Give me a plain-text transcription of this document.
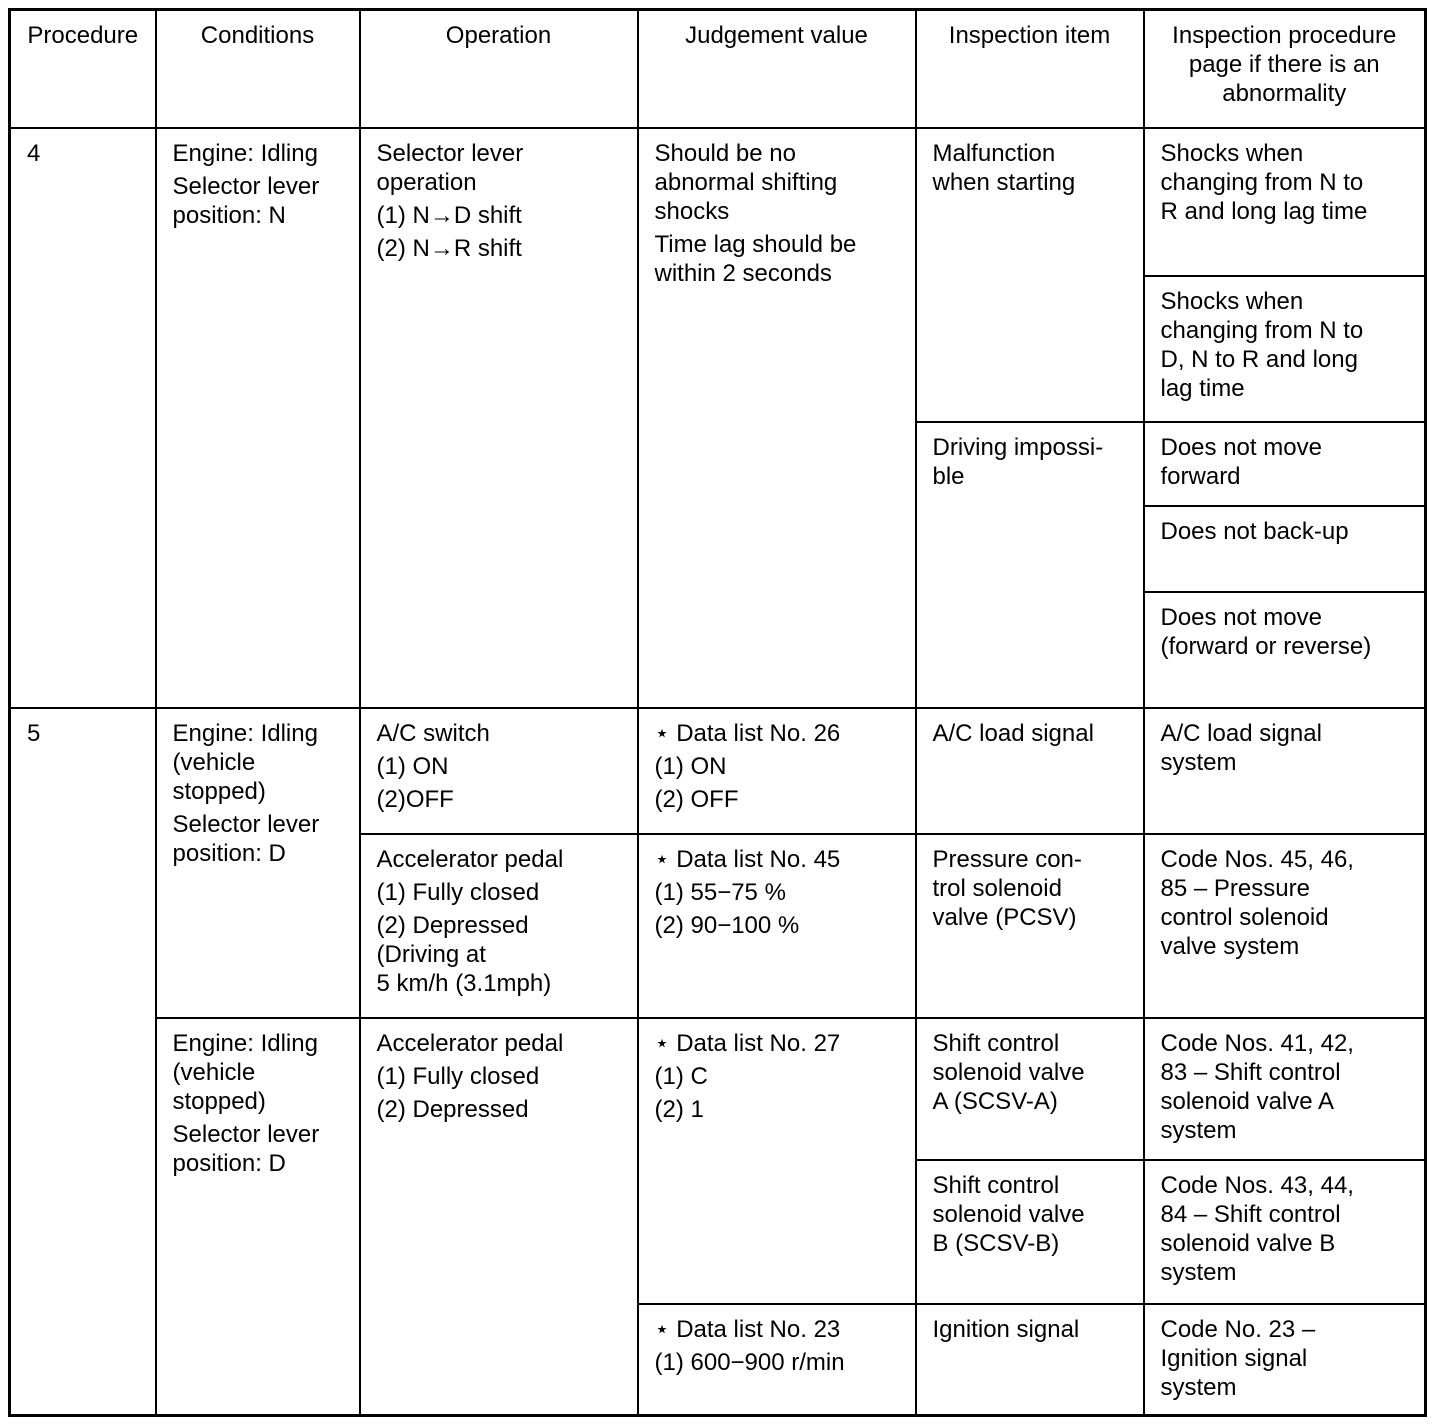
Procedure	Conditions	Operation	Judgement value	Inspection item	Inspection procedure
page if there is an
abnormality

4	Engine: Idling
Selector lever
position: N	Selector lever
operation
(1) N→D shift
(2) N→R shift	Should be no
abnormal shifting
shocks
Time lag should be
within 2 seconds	Malfunction
when starting	Shocks when
changing from N to
R and long lag time

					Shocks when
changing from N to
D, N to R and long
lag time

				Driving impossi-
ble	Does not move
forward

					Does not back-up

					Does not move
(forward or reverse)

5	Engine: Idling
(vehicle
stopped)
Selector lever
position: D	A/C switch
(1) ON
(2)OFF	⋆ Data list No. 26
(1) ON
(2) OFF	A/C load signal	A/C load signal
system

		Accelerator pedal
(1) Fully closed
(2) Depressed
(Driving at
5 km/h (3.1mph)	⋆ Data list No. 45
(1) 55−75 %
(2) 90−100 %	Pressure con-
trol solenoid
valve (PCSV)	Code Nos. 45, 46,
85 – Pressure
control solenoid
valve system

	Engine: Idling
(vehicle
stopped)
Selector lever
position: D	Accelerator pedal
(1) Fully closed
(2) Depressed	⋆ Data list No. 27
(1) C
(2) 1	Shift control
solenoid valve
A (SCSV-A)	Code Nos. 41, 42,
83 – Shift control
solenoid valve A
system

				Shift control
solenoid valve
B (SCSV-B)	Code Nos. 43, 44,
84 – Shift control
solenoid valve B
system

			⋆ Data list No. 23
(1) 600−900 r/min	Ignition signal	Code No. 23 –
Ignition signal
system
